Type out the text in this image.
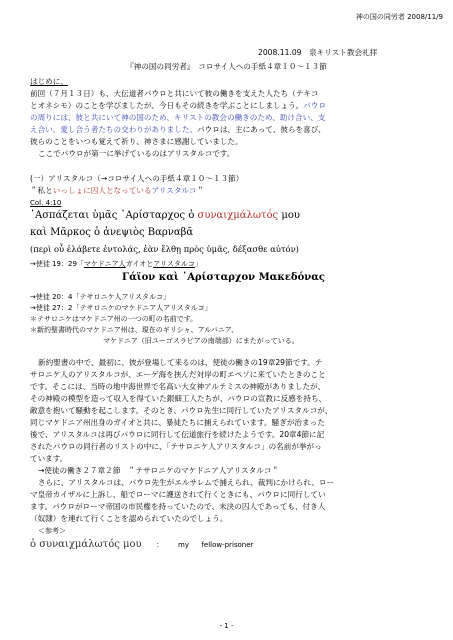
神の国の同労者 2008/11/9
2008.11.09　泉キリスト教会礼拝
『神の国の同労者』　コロサイ人への手紙４章１０～１３節
はじめに、
前回（７月１３日）も、大伝道者パウロと共にいて彼の働きを支えた人たち（テキコ
とオネシモ）のことを学びましたが、今日もその続きを学ぶことにしましょう。パウロ
の周りには、彼と共にいて神の国のため、キリストの教会の働きのため、助け合い、支
え合い、愛し合う者たちの交わりがありました。パウロは、主にあって、彼らを喜び、
彼らのことをいつも覚えて祈り、神さまに感謝していました。
ここでパウロが第一に挙げているのはアリスタルコです。
(一）アリスタルコ（→コロサイ人への手紙４章１０～１３節）
＂私といっしょに囚人となっているアリスタルコ＂
Col. 4:10
᾽Ασπάζεται ὑμᾶς ᾽Αρίσταρχος ὁ συναιχμάλωτός μου
καὶ Μᾶρκος ὁ ἀνεψιὸς Βαρναβᾶ
(περὶ οὗ ἐλάβετε ἐντολάς, ἐὰν ἔλθῃ πρὸς ὑμᾶς, δέξασθε αὐτόν)
→使徒 19：29「マケドニア人ガイオとアリスタルコ」
Γάϊον καὶ ᾽Αρίσταρχον Μακεδόνας
→使徒 20：4「テサロニケ人アリスタルコ」
→使徒 27：2「テサロニケのマケドニア人アリスタルコ」
＊テサロニケはマケドニア州の一つの町の名前です。
＊新約聖書時代のマケドニア州は、現在のギリシャ、アルバニア、
マケドニア（旧ユーゴスラビアの南端部）にまたがっている。
新約聖書の中で、最初に、彼が登場して来るのは、使徒の働きの19章29節です。テ
サロニケ人のアリスタルコが、エーゲ海を挟んだ対岸の町エペソに来ていたときのこと
です。そこには、当時の地中海世界で名高い大女神アルテミスの神殿がありましたが、
その神殿の模型を造って収入を得ていた銀細工人たちが、パウロの宣教に反感を持ち、
敵意を抱いて騒動を起こします。そのとき、パウロ先生に同行していたアリスタルコが、
同じマケドニア州出身のガイオと共に、暴徒たちに捕えられています。騒ぎが治まった
後で、アリスタルコは再びパウロに同行して伝道旅行を続けたようです。20章4節に記
されたパウロの同行者のリストの中に、「テサロニケ人アリスタルコ」の名前が挙がっ
ています。
→使徒の働き２７章２節　＂テサロニケのマケドニア人アリスタルコ＂
さらに、アリスタルコは、パウロ先生がエルサレムで捕えられ、裁判にかけられ、ロー
マ皇帝カイザルに上訴し、船でローマに護送されて行くときにも、パウロに同行してい
ます。パウロがローマ帝国の市民権を持っていたので、未決の囚人であっても、付き人
（奴隷）を連れて行くことを認められていたのでしょう。
＜参考＞
ὁ συναιχμάλωτός μου ： my fellow-prisoner
- 1 -
